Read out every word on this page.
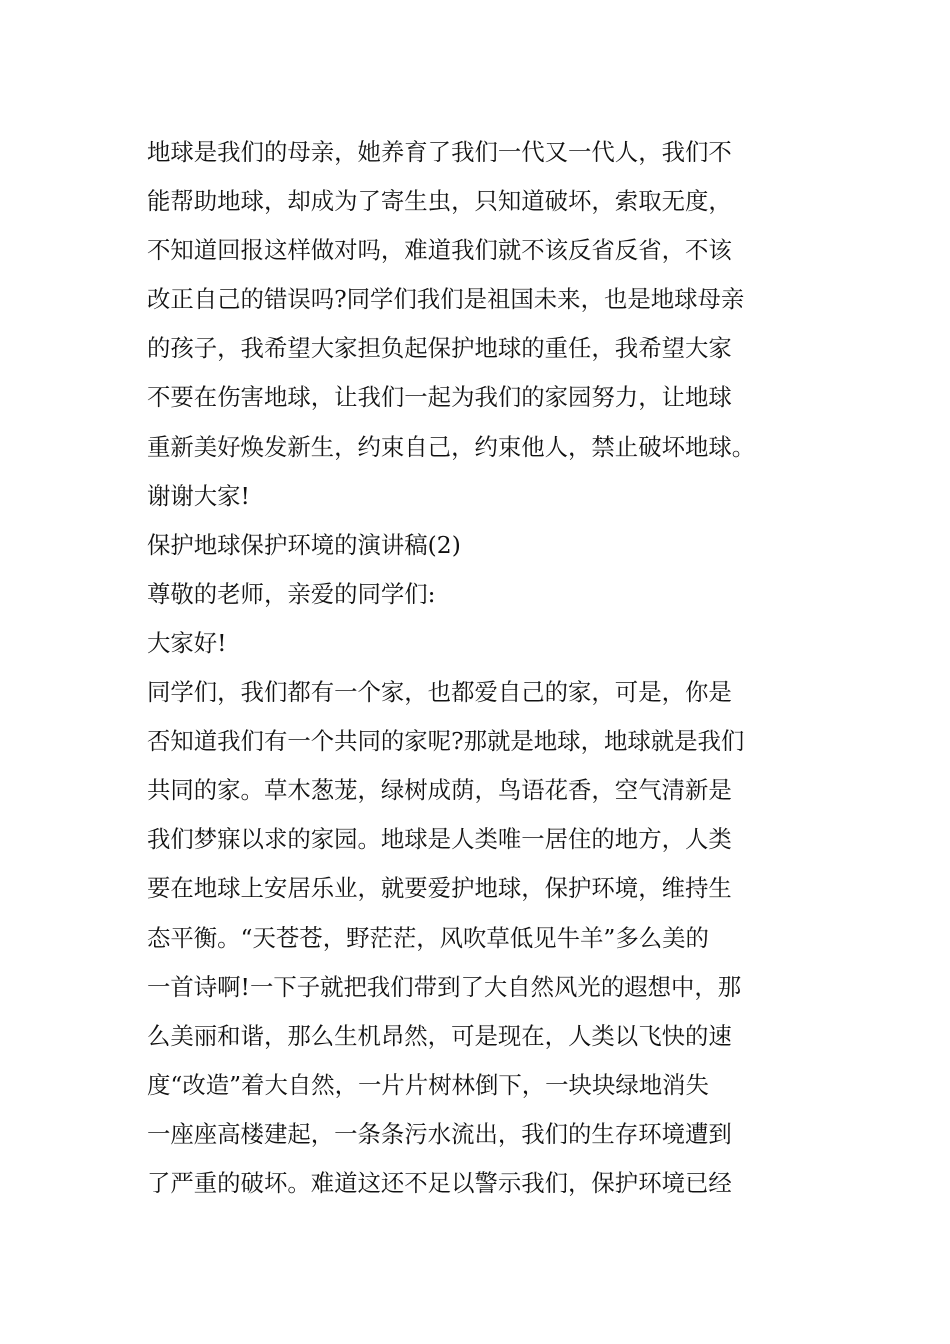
地球是我们的母亲，她养育了我们一代又一代人，我们不
能帮助地球，却成为了寄生虫，只知道破坏，索取无度，
不知道回报这样做对吗，难道我们就不该反省反省，不该
改正自己的错误吗?同学们我们是祖国未来，也是地球母亲
的孩子，我希望大家担负起保护地球的重任，我希望大家
不要在伤害地球，让我们一起为我们的家园努力，让地球
重新美好焕发新生，约束自己，约束他人，禁止破坏地球。
谢谢大家!
保护地球保护环境的演讲稿(2)
尊敬的老师，亲爱的同学们:
大家好!
同学们，我们都有一个家，也都爱自己的家，可是，你是
否知道我们有一个共同的家呢?那就是地球，地球就是我们
共同的家。草木葱茏，绿树成荫，鸟语花香，空气清新是
我们梦寐以求的家园。地球是人类唯一居住的地方，人类
要在地球上安居乐业，就要爱护地球，保护环境，维持生
态平衡。“天苍苍，野茫茫，风吹草低见牛羊”多么美的
一首诗啊!一下子就把我们带到了大自然风光的遐想中，那
么美丽和谐，那么生机昂然，可是现在，人类以飞快的速
度“改造”着大自然，一片片树林倒下，一块块绿地消失
一座座高楼建起，一条条污水流出，我们的生存环境遭到
了严重的破坏。难道这还不足以警示我们，保护环境已经
